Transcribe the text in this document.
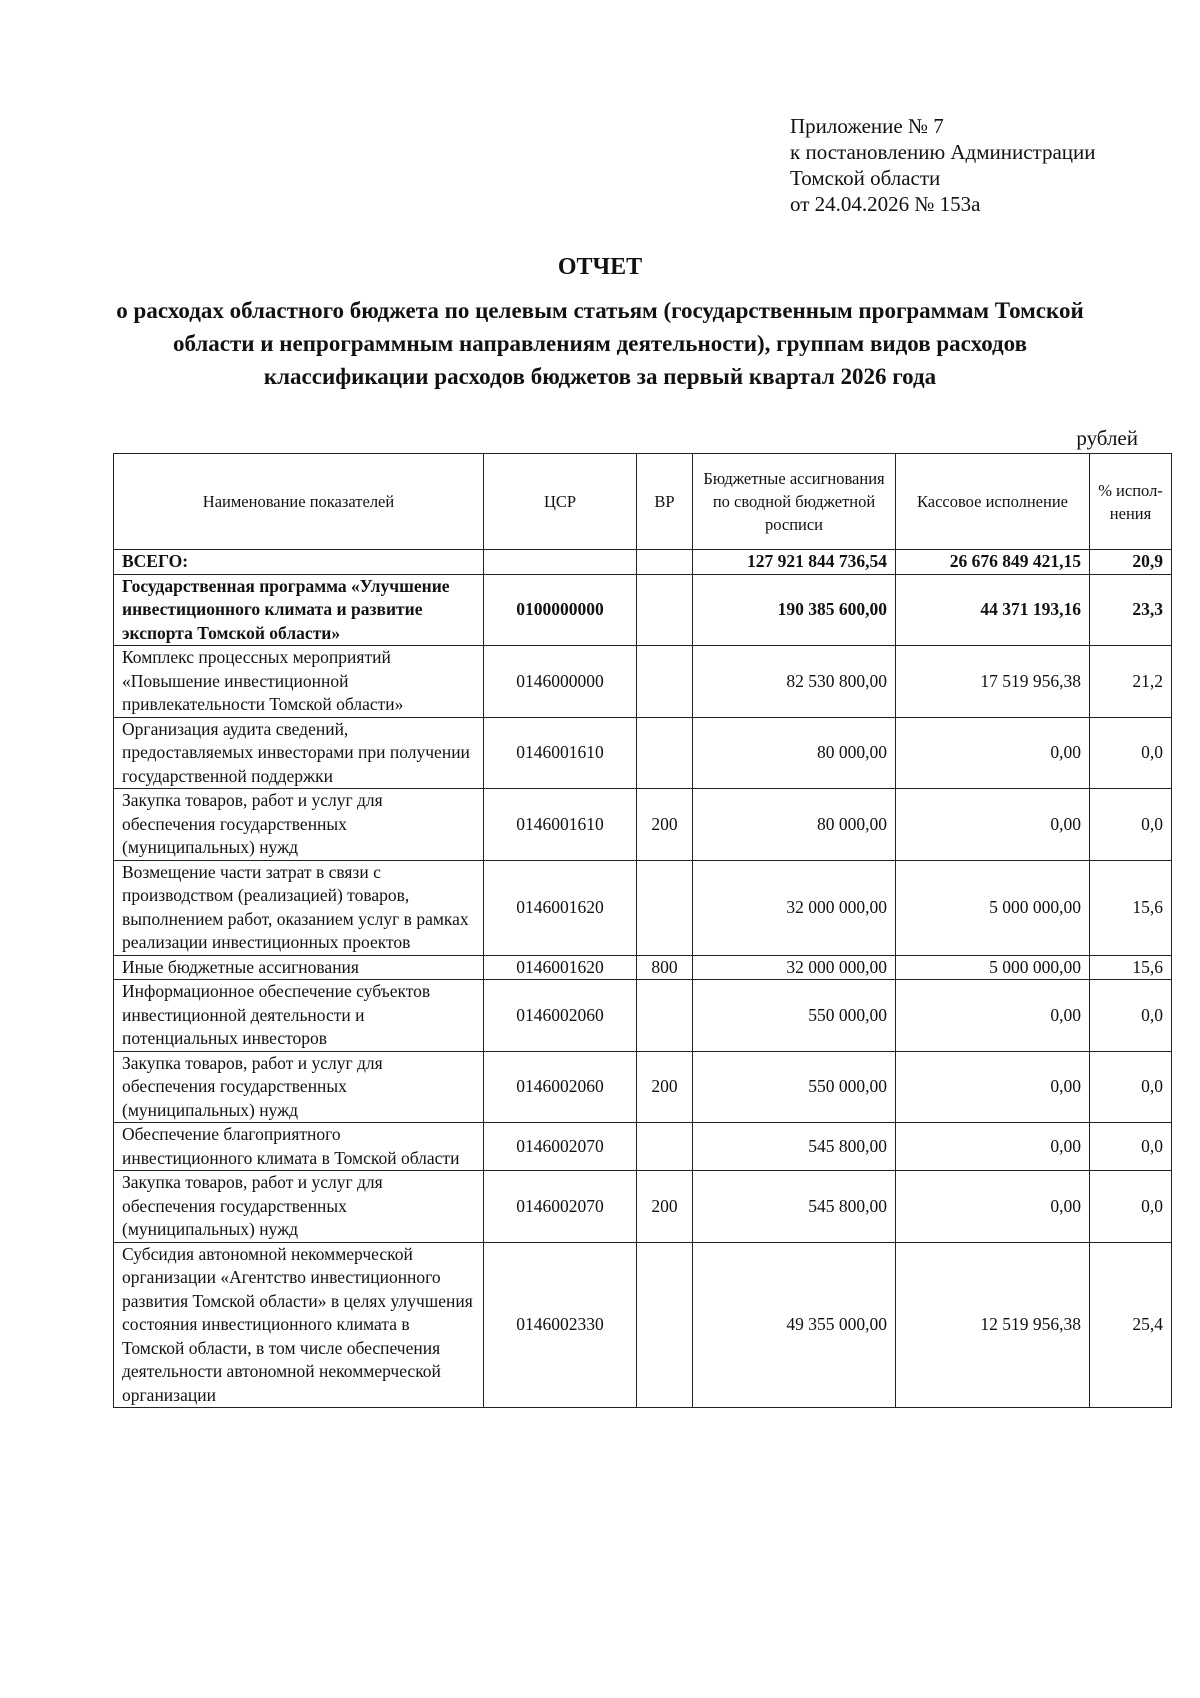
Приложение № 7
к постановлению Администрации
Томской области
от 24.04.2026 № 153а
ОТЧЕТ
о расходах областного бюджета по целевым статьям (государственным программам Томской области и непрограммным направлениям деятельности), группам видов расходов классификации расходов бюджетов за первый квартал 2026 года
рублей
Наименование показателей	ЦСР	ВР	Бюджетные ассигнования по сводной бюджетной росписи	Кассовое исполнение	% испол-нения
ВСЕГО:			127 921 844 736,54	26 676 849 421,15	20,9
Государственная программа «Улучшение инвестиционного климата и развитие экспорта Томской области»	0100000000		190 385 600,00	44 371 193,16	23,3
Комплекс процессных мероприятий «Повышение инвестиционной привлекательности Томской области»	0146000000		82 530 800,00	17 519 956,38	21,2
Организация аудита сведений, предоставляемых инвесторами при получении государственной поддержки	0146001610		80 000,00	0,00	0,0
Закупка товаров, работ и услуг для обеспечения государственных (муниципальных) нужд	0146001610	200	80 000,00	0,00	0,0
Возмещение части затрат в связи с производством (реализацией) товаров, выполнением работ, оказанием услуг в рамках реализации инвестиционных проектов	0146001620		32 000 000,00	5 000 000,00	15,6
Иные бюджетные ассигнования	0146001620	800	32 000 000,00	5 000 000,00	15,6
Информационное обеспечение субъектов инвестиционной деятельности и потенциальных инвесторов	0146002060		550 000,00	0,00	0,0
Закупка товаров, работ и услуг для обеспечения государственных (муниципальных) нужд	0146002060	200	550 000,00	0,00	0,0
Обеспечение благоприятного инвестиционного климата в Томской области	0146002070		545 800,00	0,00	0,0
Закупка товаров, работ и услуг для обеспечения государственных (муниципальных) нужд	0146002070	200	545 800,00	0,00	0,0
Субсидия автономной некоммерческой организации «Агентство инвестиционного развития Томской области» в целях улучшения состояния инвестиционного климата в Томской области, в том числе обеспечения деятельности автономной некоммерческой организации	0146002330		49 355 000,00	12 519 956,38	25,4
